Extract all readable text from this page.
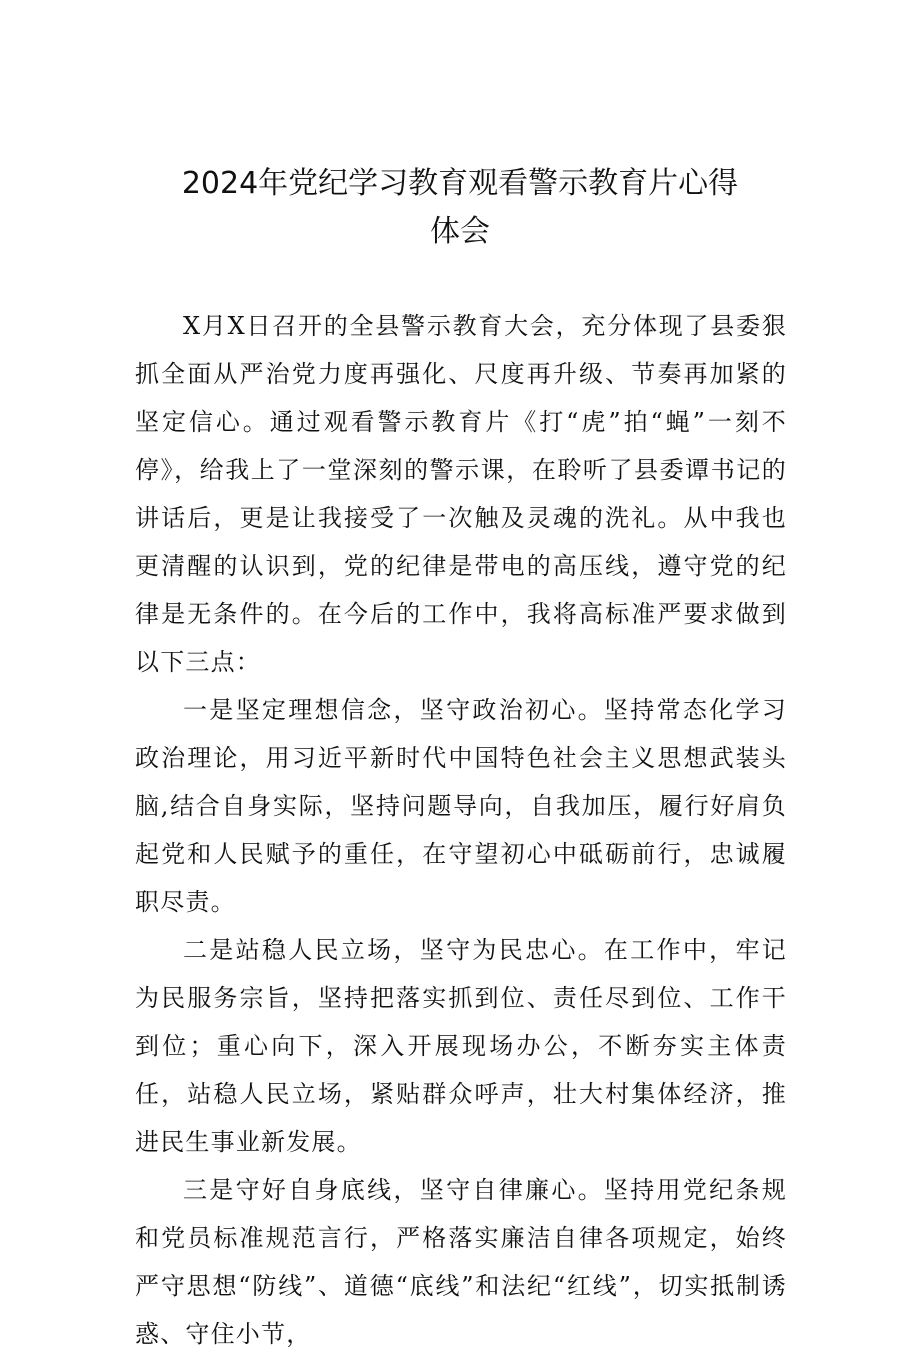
2024年党纪学习教育观看警示教育片心得
体会

X月X日召开的全县警示教育大会，充分体现了县委狠抓全面从严治党力度再强化、尺度再升级、节奏再加紧的坚定信心。通过观看警示教育片《打“虎”拍“蝇”一刻不停》，给我上了一堂深刻的警示课，在聆听了县委谭书记的讲话后，更是让我接受了一次触及灵魂的洗礼。从中我也更清醒的认识到，党的纪律是带电的高压线，遵守党的纪律是无条件的。在今后的工作中，我将高标准严要求做到以下三点：

一是坚定理想信念，坚守政治初心。坚持常态化学习政治理论，用习近平新时代中国特色社会主义思想武装头脑,结合自身实际，坚持问题导向，自我加压，履行好肩负起党和人民赋予的重任，在守望初心中砥砺前行，忠诚履职尽责。

二是站稳人民立场，坚守为民忠心。在工作中，牢记为民服务宗旨，坚持把落实抓到位、责任尽到位、工作干到位；重心向下，深入开展现场办公，不断夯实主体责任，站稳人民立场，紧贴群众呼声，壮大村集体经济，推进民生事业新发展。

三是守好自身底线，坚守自律廉心。坚持用党纪条规和党员标准规范言行，严格落实廉洁自律各项规定，始终严守思想“防线”、道德“底线”和法纪“红线”，切实抵制诱惑、守住小节，
